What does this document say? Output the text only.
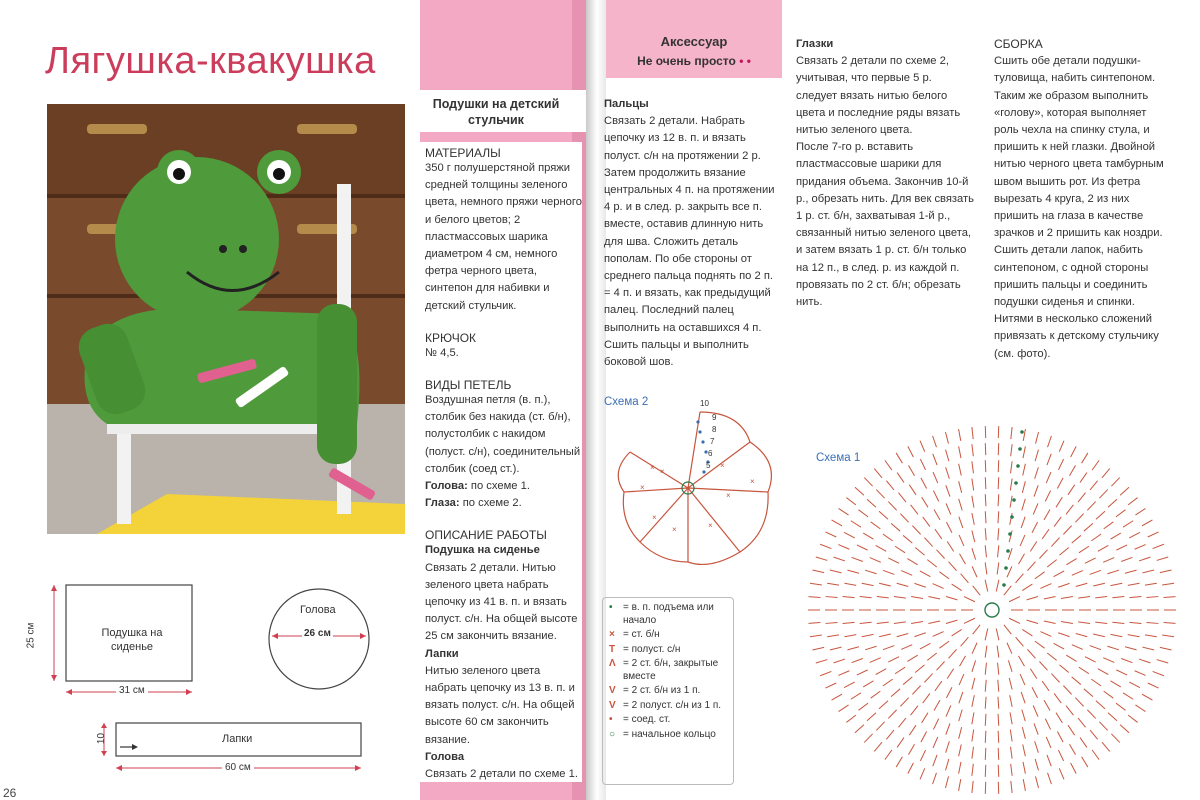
Лягушка-квакушка
Подушка на сиденье
25 см
31 см
Голова
26 см
Лапки
10
60 см
26
Подушки на детский стульчик
МАТЕРИАЛЫ
350 г полушерстяной пряжи средней толщины зеленого цвета, немного пряжи черного и белого цветов; 2 пластмассовых шарика диаметром 4 см, немного фетра черного цвета, синтепон для набивки и детский стульчик.
КРЮЧОК
№ 4,5.
ВИДЫ ПЕТЕЛЬ
Воздушная петля (в. п.), столбик без накида (ст. б/н), полустолбик с накидом (полуст. с/н), соединительный столбик (соед ст.).
Голова: по схеме 1.
Глаза: по схеме 2.
ОПИСАНИЕ РАБОТЫ
Подушка на сиденье
Связать 2 детали. Нитью зеленого цвета набрать цепочку из 41 в. п. и вязать полуст. с/н. На общей высоте 25 см закончить вязание.
Лапки
Нитью зеленого цвета набрать цепочку из 13 в. п. и вязать полуст. с/н. На общей высоте 60 см закончить вязание.
Голова
Связать 2 детали по схеме 1.
Аксессуар
Не очень просто • •
Пальцы
Связать 2 детали. Набрать цепочку из 12 в. п. и вязать полуст. с/н на протяжении 2 р. Затем продолжить вязание центральных 4 п. на протяжении 4 р. и в след. р. закрыть все п. вместе, оставив длинную нить для шва. Сложить деталь пополам. По обе стороны от среднего пальца поднять по 2 п. = 4 п. и вязать, как предыдущий палец. Последний палец выполнить на оставшихся 4 п. Сшить пальцы и выполнить боковой шов.
Глазки
Связать 2 детали по схеме 2, учитывая, что первые 5 р. следует вязать нитью белого цвета и последние ряды вязать нитью зеленого цвета.
После 7-го р. вставить пластмассовые шарики для придания объема. Закончив 10-й р., обрезать нить. Для век связать 1 р. ст. б/н, захватывая 1-й р., связанный нитью зеленого цвета, и затем вязать 1 р. ст. б/н только на 12 п., в след. р. из каждой п. провязать по 2 ст. б/н; обрезать нить.
СБОРКА
Сшить обе детали подушки-туловища, набить синтепоном. Таким же образом выполнить «голову», которая выполняет роль чехла на спинку стула, и пришить к ней глазки. Двойной нитью черного цвета тамбурным швом вышить рот. Из фетра вырезать 4 круга, 2 из них пришить на глаза в качестве зрачков и 2 пришить как ноздри. Сшить детали лапок, набить синтепоном, с одной стороны пришить пальцы и соединить подушки сиденья и спинки. Нитями в несколько сложений привязать к детскому стульчику (см. фото).
Схема 2
× ×
×
×
×	×
×
×
×
10
9
8
7
6
5
•	= в. п. подъема или начало
× = ст. б/н
T = полуст. с/н
Λ = 2 ст. б/н, закрытые вместе
V = 2 ст. б/н из 1 п.
V = 2 полуст. с/н из 1 п.
•	= соед. ст.
○ = начальное кольцо
Схема 1
